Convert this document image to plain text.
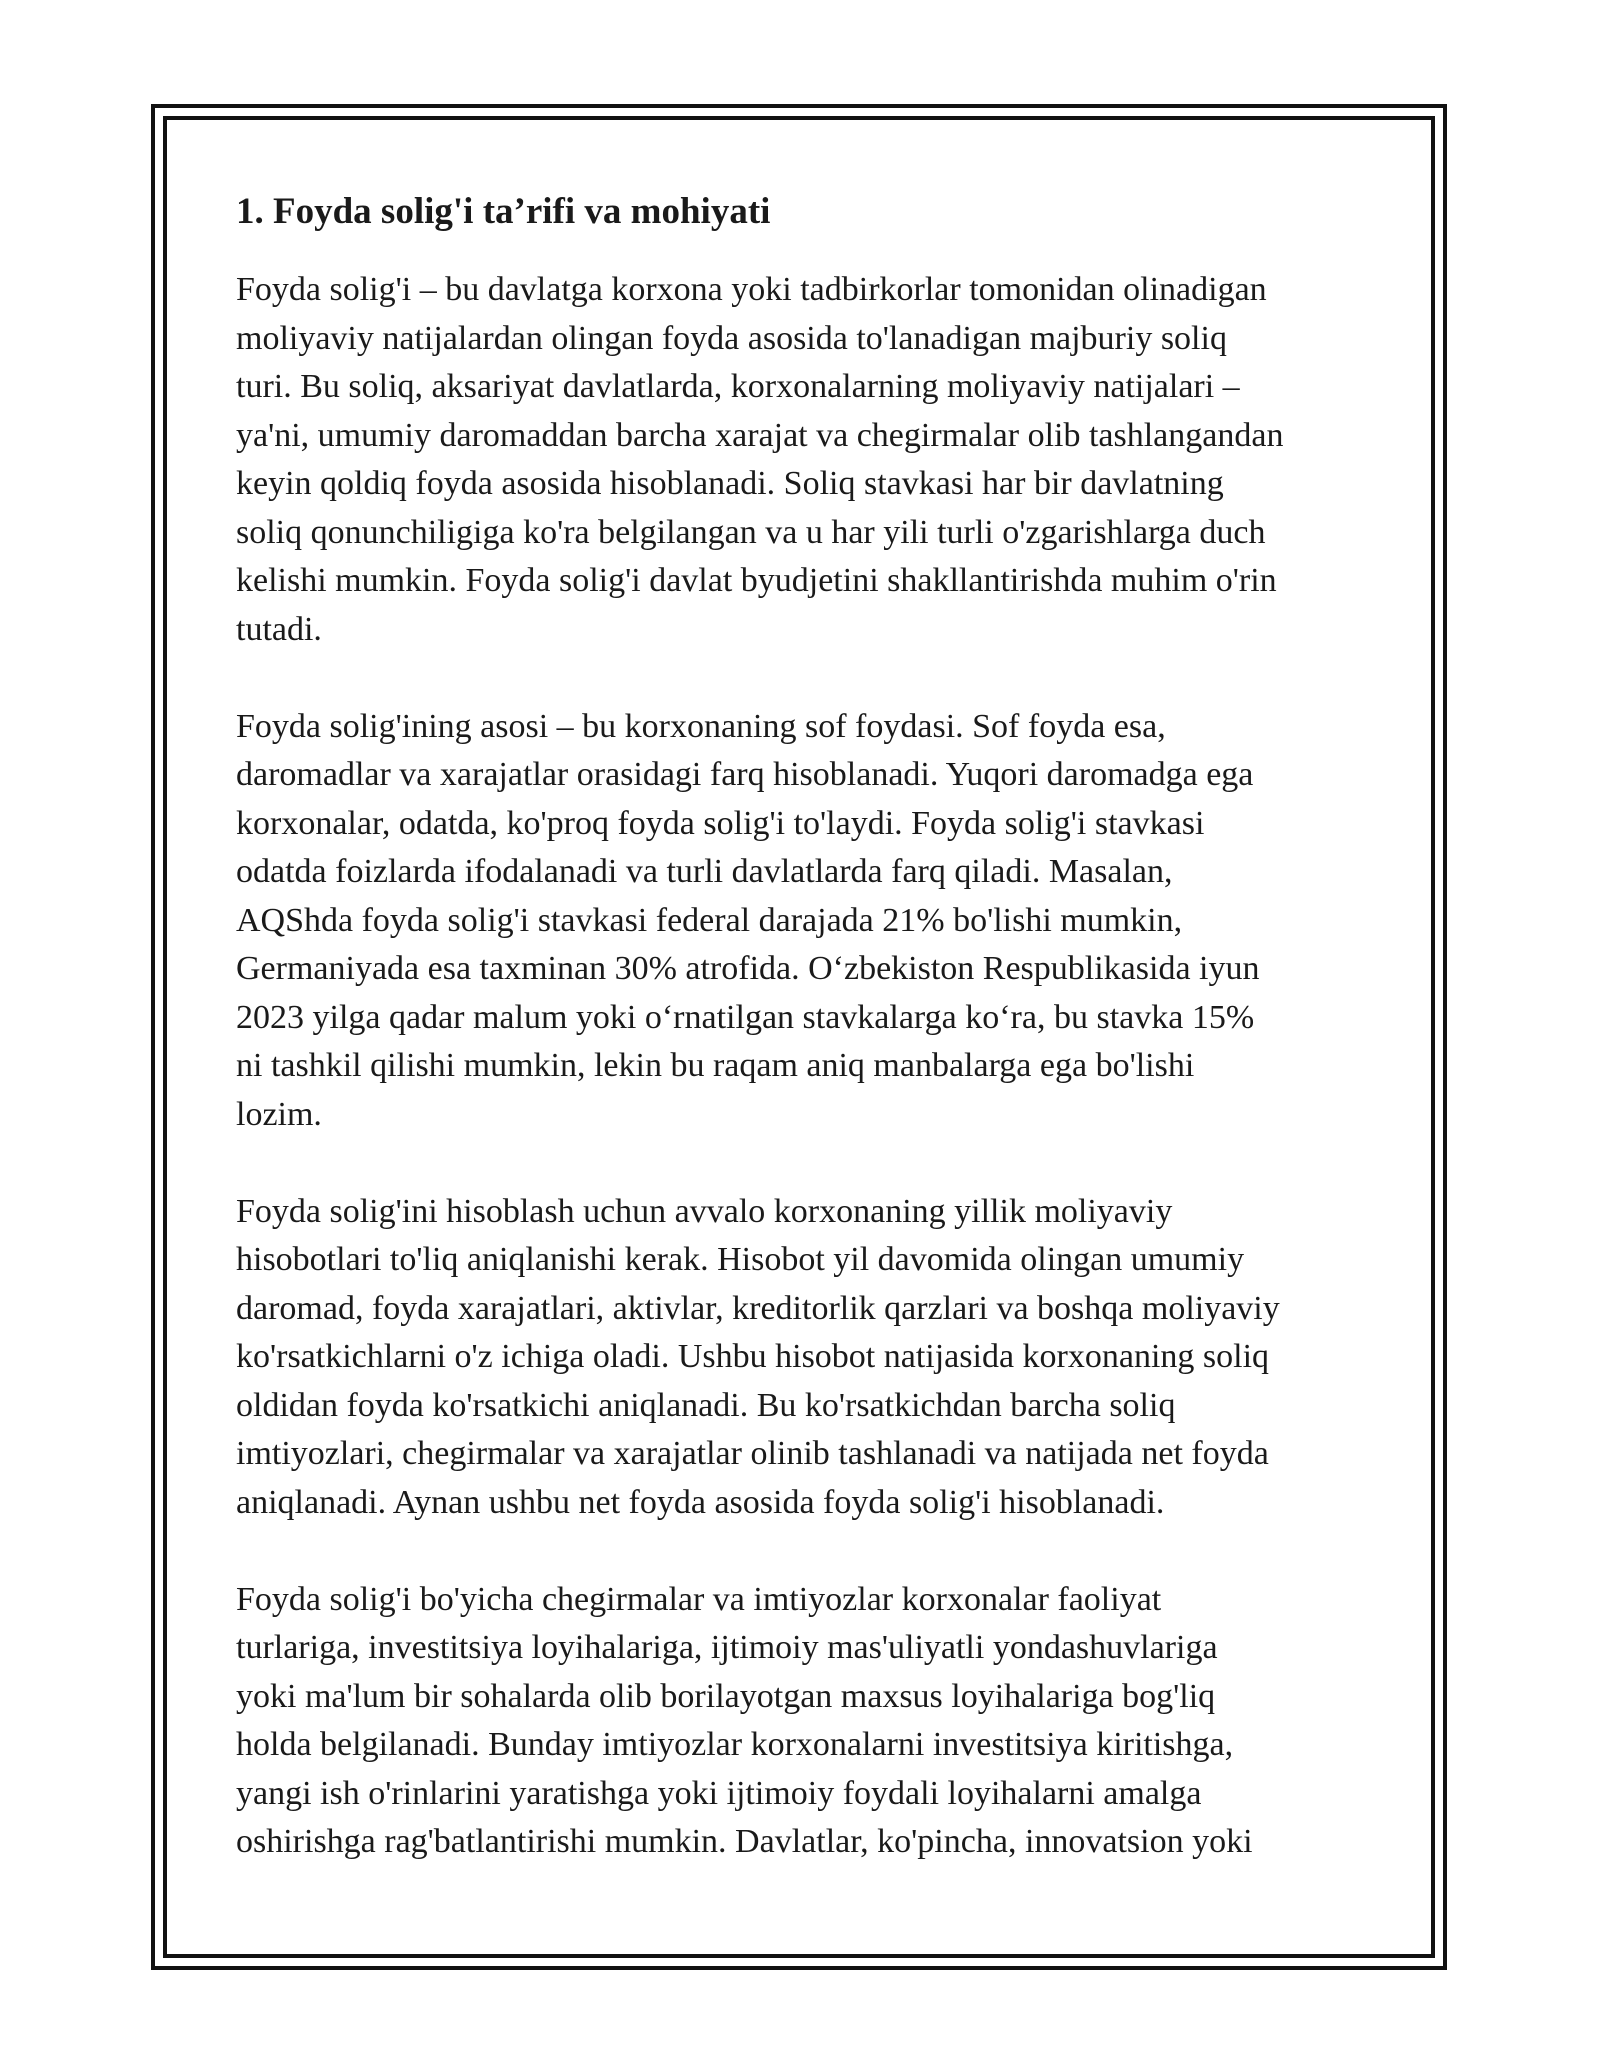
1. Foyda solig'i ta’rifi va mohiyati
Foyda solig'i – bu davlatga korxona yoki tadbirkorlar tomonidan olinadigan
moliyaviy natijalardan olingan foyda asosida to'lanadigan majburiy soliq
turi. Bu soliq, aksariyat davlatlarda, korxonalarning moliyaviy natijalari –
ya'ni, umumiy daromaddan barcha xarajat va chegirmalar olib tashlangandan
keyin qoldiq foyda asosida hisoblanadi. Soliq stavkasi har bir davlatning
soliq qonunchiligiga ko'ra belgilangan va u har yili turli o'zgarishlarga duch
kelishi mumkin. Foyda solig'i davlat byudjetini shakllantirishda muhim o'rin
tutadi.
Foyda solig'ining asosi – bu korxonaning sof foydasi. Sof foyda esa,
daromadlar va xarajatlar orasidagi farq hisoblanadi. Yuqori daromadga ega
korxonalar, odatda, ko'proq foyda solig'i to'laydi. Foyda solig'i stavkasi
odatda foizlarda ifodalanadi va turli davlatlarda farq qiladi. Masalan,
AQShda foyda solig'i stavkasi federal darajada 21% bo'lishi mumkin,
Germaniyada esa taxminan 30% atrofida. O‘zbekiston Respublikasida iyun
2023 yilga qadar malum yoki o‘rnatilgan stavkalarga ko‘ra, bu stavka 15%
ni tashkil qilishi mumkin, lekin bu raqam aniq manbalarga ega bo'lishi
lozim.
Foyda solig'ini hisoblash uchun avvalo korxonaning yillik moliyaviy
hisobotlari to'liq aniqlanishi kerak. Hisobot yil davomida olingan umumiy
daromad, foyda xarajatlari, aktivlar, kreditorlik qarzlari va boshqa moliyaviy
ko'rsatkichlarni o'z ichiga oladi. Ushbu hisobot natijasida korxonaning soliq
oldidan foyda ko'rsatkichi aniqlanadi. Bu ko'rsatkichdan barcha soliq
imtiyozlari, chegirmalar va xarajatlar olinib tashlanadi va natijada net foyda
aniqlanadi. Aynan ushbu net foyda asosida foyda solig'i hisoblanadi.
Foyda solig'i bo'yicha chegirmalar va imtiyozlar korxonalar faoliyat
turlariga, investitsiya loyihalariga, ijtimoiy mas'uliyatli yondashuvlariga
yoki ma'lum bir sohalarda olib borilayotgan maxsus loyihalariga bog'liq
holda belgilanadi. Bunday imtiyozlar korxonalarni investitsiya kiritishga,
yangi ish o'rinlarini yaratishga yoki ijtimoiy foydali loyihalarni amalga
oshirishga rag'batlantirishi mumkin. Davlatlar, ko'pincha, innovatsion yoki
